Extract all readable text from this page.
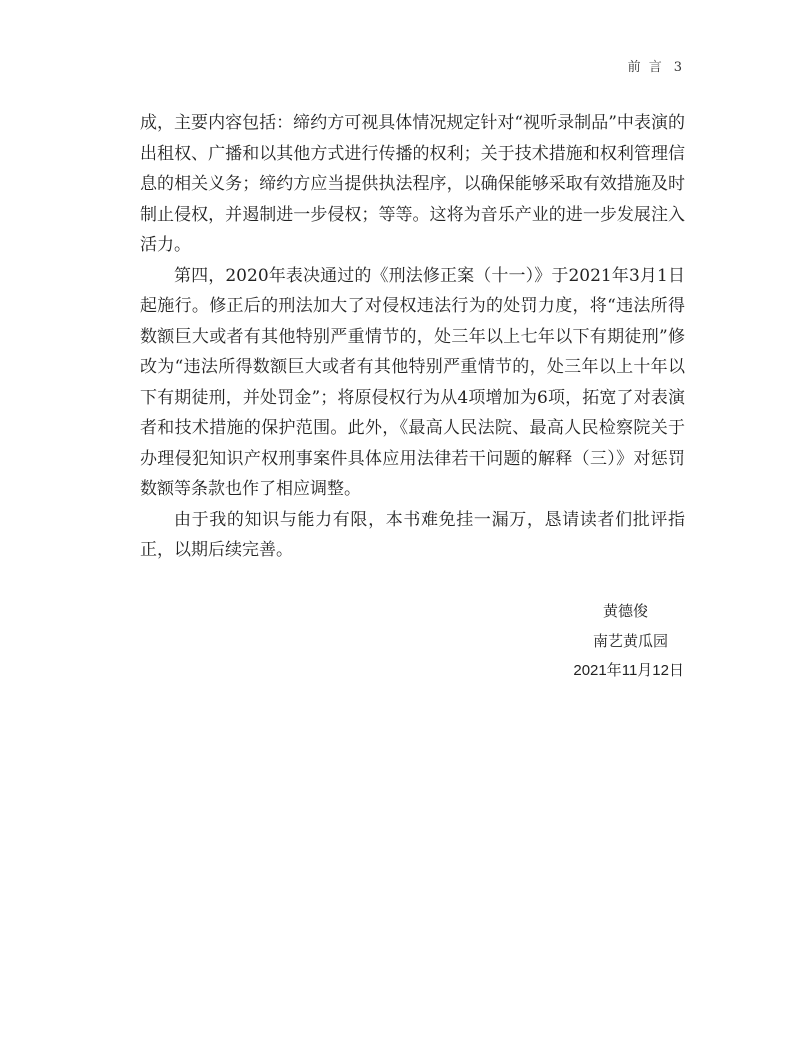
前 言 3

成，主要内容包括：缔约方可视具体情况规定针对“视听录制品”中表演的出租权、广播和以其他方式进行传播的权利；关于技术措施和权利管理信息的相关义务；缔约方应当提供执法程序，以确保能够采取有效措施及时制止侵权，并遏制进一步侵权；等等。这将为音乐产业的进一步发展注入活力。

第四，2020年表决通过的《刑法修正案（十一）》于2021年3月1日起施行。修正后的刑法加大了对侵权违法行为的处罚力度，将“违法所得数额巨大或者有其他特别严重情节的，处三年以上七年以下有期徒刑”修改为“违法所得数额巨大或者有其他特别严重情节的，处三年以上十年以下有期徒刑，并处罚金”；将原侵权行为从4项增加为6项，拓宽了对表演者和技术措施的保护范围。此外，《最高人民法院、最高人民检察院关于办理侵犯知识产权刑事案件具体应用法律若干问题的解释（三）》对惩罚数额等条款也作了相应调整。

由于我的知识与能力有限，本书难免挂一漏万，恳请读者们批评指正，以期后续完善。

黄德俊
南艺黄瓜园
2021年11月12日
